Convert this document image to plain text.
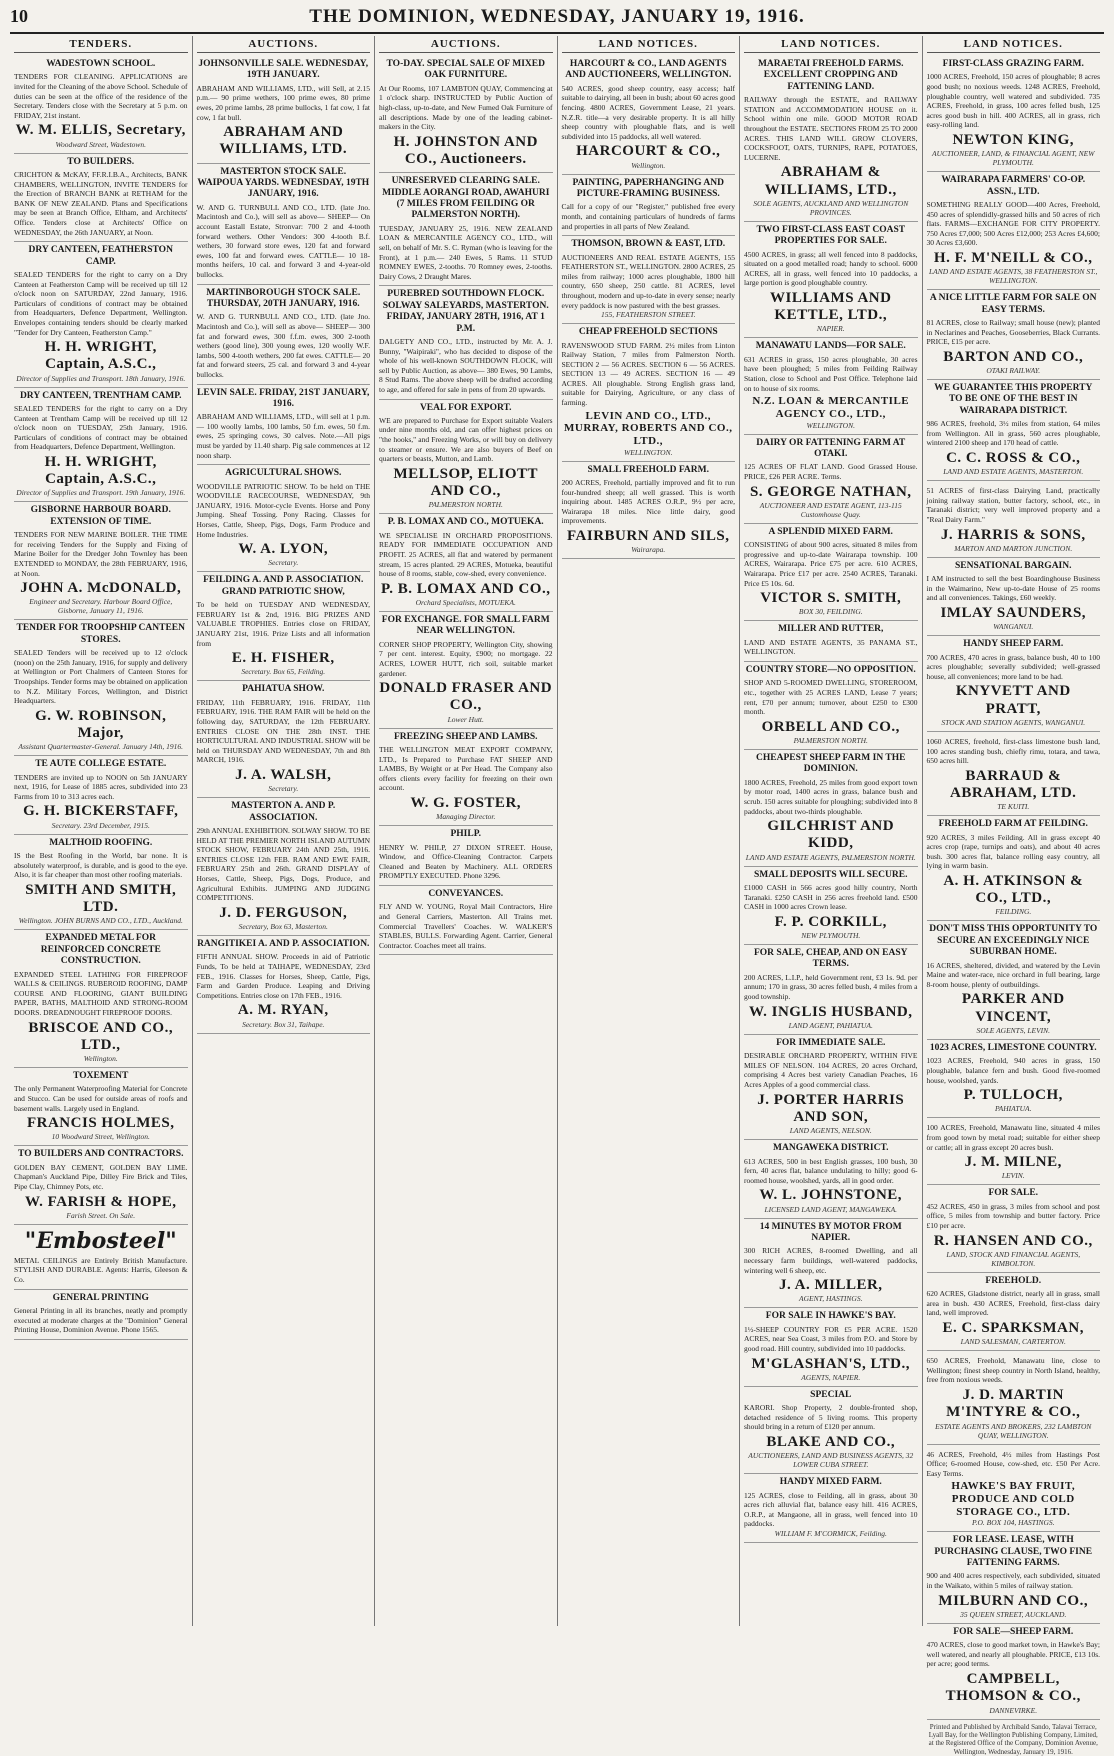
10	THE DOMINION, WEDNESDAY, JANUARY 19, 1916.
TENDERS.
WADESTOWN SCHOOL.
TENDERS FOR CLEANING. APPLICATIONS are invited for the Cleaning of the above School. Schedule of duties can be seen at the office of the residence of the Secretary. Tenders close with the Secretary at 5 p.m. on FRIDAY, 21st instant.
W. M. ELLIS, Secretary,
Woodward Street, Wadestown.
TO BUILDERS.
CRICHTON & McKAY, FF.R.I.B.A., Architects, BANK CHAMBERS, WELLINGTON, INVITE TENDERS for the Erection of BRANCH BANK at RETHAM for the BANK OF NEW ZEALAND. Plans and Specifications may be seen at Branch Office, Eltham, and Architects' Office. Tenders close at Architects' Office on WEDNESDAY, the 26th JANUARY, at Noon.
DRY CANTEEN, FEATHERSTON CAMP.
SEALED TENDERS for the right to carry on a Dry Canteen at Featherston Camp will be received up till 12 o'clock noon on SATURDAY, 22nd January, 1916. Particulars of conditions of contract may be obtained from Headquarters, Defence Department, Wellington. Envelopes containing tenders should be clearly marked "Tender for Dry Canteen, Featherston Camp."
H. H. WRIGHT, Captain, A.S.C.,
Director of Supplies and Transport. 18th January, 1916.
DRY CANTEEN, TRENTHAM CAMP.
SEALED TENDERS for the right to carry on a Dry Canteen at Trentham Camp will be received up till 12 o'clock noon on TUESDAY, 25th January, 1916. Particulars of conditions of contract may be obtained from Headquarters, Defence Department, Wellington.
H. H. WRIGHT, Captain, A.S.C.,
Director of Supplies and Transport. 19th January, 1916.
GISBORNE HARBOUR BOARD. EXTENSION OF TIME.
TENDERS FOR NEW MARINE BOILER. THE TIME for receiving Tenders for the Supply and Fixing of Marine Boiler for the Dredger John Townley has been EXTENDED to MONDAY, the 28th FEBRUARY, 1916, at Noon.
JOHN A. McDONALD,
Engineer and Secretary. Harbour Board Office, Gisborne, January 11, 1916.
TENDER FOR TROOPSHIP CANTEEN STORES.
SEALED Tenders will be received up to 12 o'clock (noon) on the 25th January, 1916, for supply and delivery at Wellington or Port Chalmers of Canteen Stores for Troopships. Tender forms may be obtained on application to N.Z. Military Forces, Wellington, and District Headquarters.
G. W. ROBINSON, Major,
Assistant Quartermaster-General. January 14th, 1916.
TE AUTE COLLEGE ESTATE.
TENDERS are invited up to NOON on 5th JANUARY next, 1916, for Lease of 1885 acres, subdivided into 23 Farms from 10 to 313 acres each.
G. H. BICKERSTAFF,
Secretary. 23rd December, 1915.
MALTHOID ROOFING.
IS the Best Roofing in the World, bar none. It is absolutely waterproof, is durable, and is good to the eye. Also, it is far cheaper than most other roofing materials.
SMITH AND SMITH, LTD.
Wellington. JOHN BURNS AND CO., LTD., Auckland.
EXPANDED METAL FOR REINFORCED CONCRETE CONSTRUCTION.
EXPANDED STEEL LATHING FOR FIREPROOF WALLS & CEILINGS. RUBEROID ROOFING, DAMP COURSE AND FLOORING, GIANT BUILDING PAPER, BATHS, MALTHOID AND STRONG-ROOM DOORS. DREADNOUGHT FIREPROOF DOORS.
BRISCOE AND CO., LTD.,
Wellington.
TOXEMENT
The only Permanent Waterproofing Material for Concrete and Stucco. Can be used for outside areas of roofs and basement walls. Largely used in England.
FRANCIS HOLMES,
10 Woodward Street, Wellington.
TO BUILDERS AND CONTRACTORS.
GOLDEN BAY CEMENT, GOLDEN BAY LIME. Chapman's Auckland Pipe, Dilley Fire Brick and Tiles, Pipe Clay, Chimney Pots, etc.
W. FARISH & HOPE,
Farish Street. On Sale.
"Embosteel"
METAL CEILINGS are Entirely British Manufacture. STYLISH AND DURABLE. Agents: Harris, Gleeson & Co.
GENERAL PRINTING
General Printing in all its branches, neatly and promptly executed at moderate charges at the "Dominion" General Printing House, Dominion Avenue. Phone 1565.
AUCTIONS.
JOHNSONVILLE SALE. WEDNESDAY, 19TH JANUARY.
ABRAHAM AND WILLIAMS, LTD., will Sell, at 2.15 p.m.— 90 prime wethers, 100 prime ewes, 80 prime ewes, 20 prime lambs, 28 prime bullocks, 1 fat cow, 1 fat cow, 1 fat bull.
ABRAHAM AND WILLIAMS, LTD.
MASTERTON STOCK SALE. WAIPOUA YARDS. WEDNESDAY, 19TH JANUARY, 1916.
W. AND G. TURNBULL AND CO., LTD. (late Jno. Macintosh and Co.), will sell as above— SHEEP— On account Eastall Estate, Stronvar: 700 2 and 4-tooth forward wethers. Other Vendors: 300 4-tooth B.f. wethers, 30 forward store ewes, 120 fat and forward ewes, 100 fat and forward ewes. CATTLE— 10 18-months heifers, 10 cal. and forward 3 and 4-year-old bullocks.
MARTINBOROUGH STOCK SALE. THURSDAY, 20TH JANUARY, 1916.
W. AND G. TURNBULL AND CO., LTD. (late Jno. Macintosh and Co.), will sell as above— SHEEP— 300 fat and forward ewes, 300 f.f.m. ewes, 300 2-tooth wethers (good line), 300 young ewes, 120 woolly W.F. lambs, 500 4-tooth wethers, 200 fat ewes. CATTLE— 20 fat and forward steers, 25 cal. and forward 3 and 4-year bullocks.
LEVIN SALE. FRIDAY, 21ST JANUARY, 1916.
ABRAHAM AND WILLIAMS, LTD., will sell at 1 p.m.— 100 woolly lambs, 100 lambs, 50 f.m. ewes, 50 f.m. ewes, 25 springing cows, 30 calves. Note.—All pigs must be yarded by 11.40 sharp. Pig sale commences at 12 noon sharp.
AGRICULTURAL SHOWS.
WOODVILLE PATRIOTIC SHOW. To be held on THE WOODVILLE RACECOURSE, WEDNESDAY, 9th JANUARY, 1916. Motor-cycle Events. Horse and Pony Jumping. Sheaf Tossing. Pony Racing. Classes for Horses, Cattle, Sheep, Pigs, Dogs, Farm Produce and Home Industries.
W. A. LYON,
Secretary.
FEILDING A. AND P. ASSOCIATION. GRAND PATRIOTIC SHOW,
To be held on TUESDAY AND WEDNESDAY, FEBRUARY 1st & 2nd, 1916. BIG PRIZES AND VALUABLE TROPHIES. Entries close on FRIDAY, JANUARY 21st, 1916. Prize Lists and all information from
E. H. FISHER,
Secretary. Box 65, Feilding.
PAHIATUA SHOW.
FRIDAY, 11th FEBRUARY, 1916. FRIDAY, 11th FEBRUARY, 1916. THE RAM FAIR will be held on the following day, SATURDAY, the 12th FEBRUARY. ENTRIES CLOSE ON THE 28th INST. THE HORTICULTURAL AND INDUSTRIAL SHOW will be held on THURSDAY AND WEDNESDAY, 7th and 8th MARCH, 1916.
J. A. WALSH,
Secretary.
MASTERTON A. AND P. ASSOCIATION.
29th ANNUAL EXHIBITION. SOLWAY SHOW. TO BE HELD AT THE PREMIER NORTH ISLAND AUTUMN STOCK SHOW, FEBRUARY 24th AND 25th, 1916. ENTRIES CLOSE 12th FEB. RAM AND EWE FAIR, FEBRUARY 25th and 26th. GRAND DISPLAY of Horses, Cattle, Sheep, Pigs, Dogs, Produce, and Agricultural Exhibits. JUMPING AND JUDGING COMPETITIONS.
J. D. FERGUSON,
Secretary, Box 63, Masterton.
RANGITIKEI A. AND P. ASSOCIATION.
FIFTH ANNUAL SHOW. Proceeds in aid of Patriotic Funds, To be held at TAIHAPE, WEDNESDAY, 23rd FEB., 1916. Classes for Horses, Sheep, Cattle, Pigs, Farm and Garden Produce. Leaping and Driving Competitions. Entries close on 17th FEB., 1916.
A. M. RYAN,
Secretary. Box 31, Taihape.
AUCTIONS.
TO-DAY. SPECIAL SALE OF MIXED OAK FURNITURE.
At Our Rooms, 107 LAMBTON QUAY, Commencing at 1 o'clock sharp. INSTRUCTED by Public Auction of high-class, up-to-date, and New Fumed Oak Furniture of all descriptions. Made by one of the leading cabinet-makers in the City.
H. JOHNSTON AND CO., Auctioneers.
UNRESERVED CLEARING SALE. MIDDLE AORANGI ROAD, AWAHURI (7 MILES FROM FEILDING OR PALMERSTON NORTH).
TUESDAY, JANUARY 25, 1916. NEW ZEALAND LOAN & MERCANTILE AGENCY CO., LTD., will sell, on behalf of Mr. S. C. Ryman (who is leaving for the Front), at 1 p.m.— 240 Ewes, 5 Rams. 11 STUD ROMNEY EWES, 2-tooths. 70 Romney ewes, 2-tooths. Dairy Cows, 2 Draught Mares.
PUREBRED SOUTHDOWN FLOCK. SOLWAY SALEYARDS, MASTERTON. FRIDAY, JANUARY 28TH, 1916, AT 1 P.M.
DALGETY AND CO., LTD., instructed by Mr. A. J. Bunny, "Waipiraki", who has decided to dispose of the whole of his well-known SOUTHDOWN FLOCK, will sell by Public Auction, as above— 380 Ewes, 90 Lambs, 8 Stud Rams. The above sheep will be drafted according to age, and offered for sale in pens of from 20 upwards.
VEAL FOR EXPORT.
WE are prepared to Purchase for Export suitable Vealers under nine months old, and can offer highest prices on "the hooks," and Freezing Works, or will buy on delivery to steamer or ensure. We are also buyers of Beef on quarters or beasts, Mutton, and Lamb.
MELLSOP, ELIOTT AND CO.,
PALMERSTON NORTH.
P. B. LOMAX AND CO., MOTUEKA.
WE SPECIALISE IN ORCHARD PROPOSITIONS. READY FOR IMMEDIATE OCCUPATION AND PROFIT. 25 ACRES, all flat and watered by permanent stream, 15 acres planted. 29 ACRES, Motueka, beautiful house of 8 rooms, stable, cow-shed, every convenience.
P. B. LOMAX AND CO.,
Orchard Specialists, MOTUEKA.
FOR EXCHANGE. FOR SMALL FARM NEAR WELLINGTON.
CORNER SHOP PROPERTY, Wellington City, showing 7 per cent. interest. Equity, £900; no mortgage. 22 ACRES, LOWER HUTT, rich soil, suitable market gardener.
DONALD FRASER AND CO.,
Lower Hutt.
FREEZING SHEEP AND LAMBS.
THE WELLINGTON MEAT EXPORT COMPANY, LTD., Is Prepared to Purchase FAT SHEEP AND LAMBS, By Weight or at Per Head. The Company also offers clients every facility for freezing on their own account.
W. G. FOSTER,
Managing Director.
PHILP.
HENRY W. PHILP, 27 DIXON STREET. House, Window, and Office-Cleaning Contractor. Carpets Cleaned and Beaten by Machinery. ALL ORDERS PROMPTLY EXECUTED. Phone 3296.
CONVEYANCES.
FLY AND W. YOUNG, Royal Mail Contractors, Hire and General Carriers, Masterton. All Trains met. Commercial Travellers' Coaches. W. WALKER'S STABLES, BULLS. Forwarding Agent. Carrier, General Contractor. Coaches meet all trains.
LAND NOTICES.
HARCOURT & CO., LAND AGENTS AND AUCTIONEERS, WELLINGTON.
540 ACRES, good sheep country, easy access; half suitable to dairying, all been in bush; about 60 acres good fencing. 4800 ACRES, Government Lease, 21 years. N.Z.R. title—a very desirable property. It is all hilly sheep country with ploughable flats, and is well subdivided into 15 paddocks, all well watered.
HARCOURT & CO.,
Wellington.
PAINTING, PAPERHANGING AND PICTURE-FRAMING BUSINESS.
Call for a copy of our "Register," published free every month, and containing particulars of hundreds of farms and properties in all parts of New Zealand.
THOMSON, BROWN & EAST, LTD.
AUCTIONEERS AND REAL ESTATE AGENTS, 155 FEATHERSTON ST., WELLINGTON. 2800 ACRES, 25 miles from railway; 1000 acres ploughable, 1800 hill country, 650 sheep, 250 cattle. 81 ACRES, level throughout, modern and up-to-date in every sense; nearly every paddock is now pastured with the best grasses.
155, FEATHERSTON STREET.
CHEAP FREEHOLD SECTIONS
RAVENSWOOD STUD FARM. 2½ miles from Linton Railway Station, 7 miles from Palmerston North. SECTION 2 — 56 ACRES. SECTION 6 — 56 ACRES. SECTION 13 — 49 ACRES. SECTION 16 — 49 ACRES. All ploughable. Strong English grass land, suitable for Dairying, Agriculture, or any class of farming.
LEVIN AND CO., LTD., MURRAY, ROBERTS AND CO., LTD.,
WELLINGTON.
SMALL FREEHOLD FARM.
200 ACRES, Freehold, partially improved and fit to run four-hundred sheep; all well grassed. This is worth inquiring about. 1485 ACRES O.R.P., 9½ per acre, Wairarapa 18 miles. Nice little dairy, good improvements.
FAIRBURN AND SILS,
Wairarapa.
LAND NOTICES.
MARAETAI FREEHOLD FARMS. EXCELLENT CROPPING AND FATTENING LAND.
RAILWAY through the ESTATE, and RAILWAY STATION and ACCOMMODATION HOUSE on it. School within one mile. GOOD MOTOR ROAD throughout the ESTATE. SECTIONS FROM 25 TO 2000 ACRES. THIS LAND WILL GROW CLOVERS, COCKSFOOT, OATS, TURNIPS, RAPE, POTATOES, LUCERNE.
ABRAHAM & WILLIAMS, LTD.,
SOLE AGENTS, AUCKLAND AND WELLINGTON PROVINCES.
TWO FIRST-CLASS EAST COAST PROPERTIES FOR SALE.
4500 ACRES, in grass; all well fenced into 8 paddocks, situated on a good metalled road; handy to school. 6000 ACRES, all in grass, well fenced into 10 paddocks, a large portion is good ploughable country.
WILLIAMS AND KETTLE, LTD.,
NAPIER.
MANAWATU LANDS—FOR SALE.
631 ACRES in grass, 150 acres ploughable, 30 acres have been ploughed; 5 miles from Feilding Railway Station, close to School and Post Office. Telephone laid on to house of six rooms.
N.Z. LOAN & MERCANTILE AGENCY CO., LTD.,
WELLINGTON.
DAIRY OR FATTENING FARM AT OTAKI.
125 ACRES OF FLAT LAND. Good Grassed House. PRICE, £26 PER ACRE. Terms.
S. GEORGE NATHAN,
AUCTIONEER AND ESTATE AGENT, 113-115 Customhouse Quay.
A SPLENDID MIXED FARM.
CONSISTING of about 900 acres, situated 8 miles from progressive and up-to-date Wairarapa township. 100 ACRES, Wairarapa. Price £75 per acre. 610 ACRES, Wairarapa. Price £17 per acre. 2540 ACRES, Taranaki. Price £5 10s. 6d.
VICTOR S. SMITH,
BOX 30, FEILDING.
MILLER AND RUTTER,
LAND AND ESTATE AGENTS, 35 PANAMA ST., WELLINGTON.
COUNTRY STORE—NO OPPOSITION.
SHOP AND 5-ROOMED DWELLING, STOREROOM, etc., together with 25 ACRES LAND, Lease 7 years; rent, £70 per annum; turnover, about £250 to £300 month.
ORBELL AND CO.,
PALMERSTON NORTH.
CHEAPEST SHEEP FARM IN THE DOMINION.
1800 ACRES, Freehold, 25 miles from good export town by motor road, 1400 acres in grass, balance bush and scrub. 150 acres suitable for ploughing; subdivided into 8 paddocks, about two-thirds ploughable.
GILCHRIST AND KIDD,
LAND AND ESTATE AGENTS, PALMERSTON NORTH.
SMALL DEPOSITS WILL SECURE.
£1000 CASH in 566 acres good hilly country, North Taranaki. £250 CASH in 256 acres freehold land. £500 CASH in 1000 acres Crown lease.
F. P. CORKILL,
NEW PLYMOUTH.
FOR SALE, CHEAP, AND ON EASY TERMS.
200 ACRES, L.I.P., held Government rent, £3 1s. 9d. per annum; 170 in grass, 30 acres felled bush, 4 miles from a good township.
W. INGLIS HUSBAND,
LAND AGENT, PAHIATUA.
FOR IMMEDIATE SALE.
DESIRABLE ORCHARD PROPERTY, WITHIN FIVE MILES OF NELSON. 104 ACRES, 20 acres Orchard, comprising 4 Acres best variety Canadian Peaches, 16 Acres Apples of a good commercial class.
J. PORTER HARRIS AND SON,
LAND AGENTS, NELSON.
MANGAWEKA DISTRICT.
613 ACRES, 500 in best English grasses, 100 bush, 30 fern, 40 acres flat, balance undulating to hilly; good 6-roomed house, woolshed, yards, all in good order.
W. L. JOHNSTONE,
LICENSED LAND AGENT, MANGAWEKA.
14 MINUTES BY MOTOR FROM NAPIER.
300 RICH ACRES, 8-roomed Dwelling, and all necessary farm buildings, well-watered paddocks, wintering well 6 sheep, etc.
J. A. MILLER,
AGENT, HASTINGS.
FOR SALE IN HAWKE'S BAY.
1½-SHEEP COUNTRY FOR £5 PER ACRE. 1520 ACRES, near Sea Coast, 3 miles from P.O. and Store by good road. Hill country, subdivided into 10 paddocks.
M'GLASHAN'S, LTD.,
AGENTS, NAPIER.
SPECIAL
KARORI. Shop Property, 2 double-fronted shop, detached residence of 5 living rooms. This property should bring in a return of £120 per annum.
BLAKE AND CO.,
AUCTIONEERS, LAND AND BUSINESS AGENTS, 32 LOWER CUBA STREET.
HANDY MIXED FARM.
125 ACRES, close to Feilding, all in grass, about 30 acres rich alluvial flat, balance easy hill. 416 ACRES, O.R.P., at Mangaone, all in grass, well fenced into 10 paddocks.
WILLIAM F. M'CORMICK, Feilding.
LAND NOTICES.
FIRST-CLASS GRAZING FARM.
1000 ACRES, Freehold, 150 acres of ploughable; 8 acres good bush; no noxious weeds. 1248 ACRES, Freehold, ploughable country, well watered and subdivided. 735 ACRES, Freehold, in grass, 100 acres felled bush, 125 acres good bush in hill. 400 ACRES, all in grass, rich easy-rolling land.
NEWTON KING,
AUCTIONEER, LAND, & FINANCIAL AGENT, NEW PLYMOUTH.
WAIRARAPA FARMERS' CO-OP. ASSN., LTD.
SOMETHING REALLY GOOD—400 Acres, Freehold, 450 acres of splendidly-grassed hills and 50 acres of rich flats. FARMS—EXCHANGE FOR CITY PROPERTY. 750 Acres £7,000; 500 Acres £12,000; 253 Acres £4,600; 30 Acres £3,600.
H. F. M'NEILL & CO.,
LAND AND ESTATE AGENTS, 38 FEATHERSTON ST., WELLINGTON.
A NICE LITTLE FARM FOR SALE ON EASY TERMS.
81 ACRES, close to Railway; small house (new); planted in Neclarines and Peaches, Gooseberries, Black Currants. PRICE, £15 per acre.
BARTON AND CO.,
OTAKI RAILWAY.
WE GUARANTEE THIS PROPERTY TO BE ONE OF THE BEST IN WAIRARAPA DISTRICT.
986 ACRES, freehold, 3½ miles from station, 64 miles from Wellington. All in grass, 560 acres ploughable, wintered 2100 sheep and 170 head of cattle.
C. C. ROSS & CO.,
LAND AND ESTATE AGENTS, MASTERTON.
51 ACRES of first-class Dairying Land, practically joining railway station, butter factory, school, etc., in Taranaki district; very well improved property and a "Real Dairy Farm."
J. HARRIS & SONS,
MARTON AND MARTON JUNCTION.
SENSATIONAL BARGAIN.
I AM instructed to sell the best Boardinghouse Business in the Waimarino, New up-to-date House of 25 rooms and all conveniences. Takings, £60 weekly.
IMLAY SAUNDERS,
WANGANUI.
HANDY SHEEP FARM.
700 ACRES, 470 acres in grass, balance bush, 40 to 100 acres ploughable; severally subdivided; well-grassed house, all conveniences; more land to be had.
KNYVETT AND PRATT,
STOCK AND STATION AGENTS, WANGANUI.
1060 ACRES, freehold, first-class limestone bush land, 100 acres standing bush, chiefly rimu, totara, and tawa, 650 acres hill.
BARRAUD & ABRAHAM, LTD.
TE KUITI.
FREEHOLD FARM AT FEILDING.
920 ACRES, 3 miles Feilding. All in grass except 40 acres crop (rape, turnips and oats), and about 40 acres bush. 300 acres flat, balance rolling easy country, all lying in warm basin.
A. H. ATKINSON & CO., LTD.,
FEILDING.
DON'T MISS THIS OPPORTUNITY TO SECURE AN EXCEEDINGLY NICE SUBURBAN HOME.
16 ACRES, sheltered, divided, and watered by the Levin Maine and water-race, nice orchard in full bearing, large 8-room house, plenty of outbuildings.
PARKER AND VINCENT,
SOLE AGENTS, LEVIN.
1023 ACRES, LIMESTONE COUNTRY.
1023 ACRES, Freehold, 940 acres in grass, 150 ploughable, balance fern and bush. Good five-roomed house, woolshed, yards.
P. TULLOCH,
PAHIATUA.
100 ACRES, Freehold, Manawatu line, situated 4 miles from good town by metal road; suitable for either sheep or cattle; all in grass except 20 acres bush.
J. M. MILNE,
LEVIN.
FOR SALE.
452 ACRES, 450 in grass, 3 miles from school and post office, 5 miles from township and butter factory. Price £10 per acre.
R. HANSEN AND CO.,
LAND, STOCK AND FINANCIAL AGENTS, KIMBOLTON.
FREEHOLD.
620 ACRES, Gladstone district, nearly all in grass, small area in bush. 430 ACRES, Freehold, first-class dairy land, well improved.
E. C. SPARKSMAN,
LAND SALESMAN, CARTERTON.
650 ACRES, Freehold, Manawatu line, close to Wellington; finest sheep country in North Island, healthy, free from noxious weeds.
J. D. MARTIN M'INTYRE & CO.,
ESTATE AGENTS AND BROKERS, 232 LAMBTON QUAY, WELLINGTON.
46 ACRES, Freehold, 4½ miles from Hastings Post Office; 6-roomed House, cow-shed, etc. £50 Per Acre. Easy Terms.
HAWKE'S BAY FRUIT, PRODUCE AND COLD STORAGE CO., LTD.
P.O. BOX 104, HASTINGS.
FOR LEASE. LEASE, WITH PURCHASING CLAUSE, TWO FINE FATTENING FARMS.
900 and 400 acres respectively, each subdivided, situated in the Waikato, within 5 miles of railway station.
MILBURN AND CO.,
35 QUEEN STREET, AUCKLAND.
FOR SALE—SHEEP FARM.
470 ACRES, close to good market town, in Hawke's Bay; well watered, and nearly all ploughable. PRICE, £13 10s. per acre; good terms.
CAMPBELL, THOMSON & CO.,
DANNEVIRKE.
Printed and Published by Archibald Sando, Talavai Terrace, Lyall Bay, for the Wellington Publishing Company, Limited, at the Registered Office of the Company, Dominion Avenue, Wellington, Wednesday, January 19, 1916.
